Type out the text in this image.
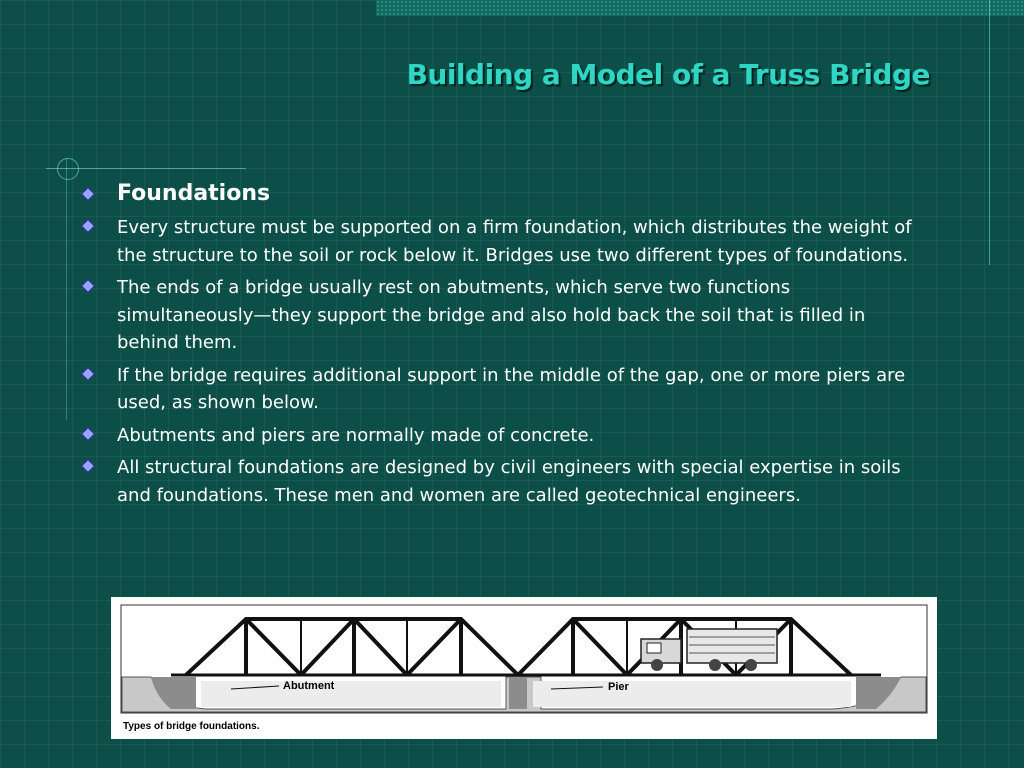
Building a Model of a Truss Bridge
Foundations
Every structure must be supported on a firm foundation, which distributes the weight of the structure to the soil or rock below it. Bridges use two different types of foundations.
The ends of a bridge usually rest on abutments, which serve two functions simultaneously—they support the bridge and also hold back the soil that is filled in behind them.
If the bridge requires additional support in the middle of the gap, one or more piers are used, as shown below.
Abutments and piers are normally made of concrete.
All structural foundations are designed by civil engineers with special expertise in soils and foundations. These men and women are called geotechnical engineers.
Abutment	Pier
Types of bridge foundations.
